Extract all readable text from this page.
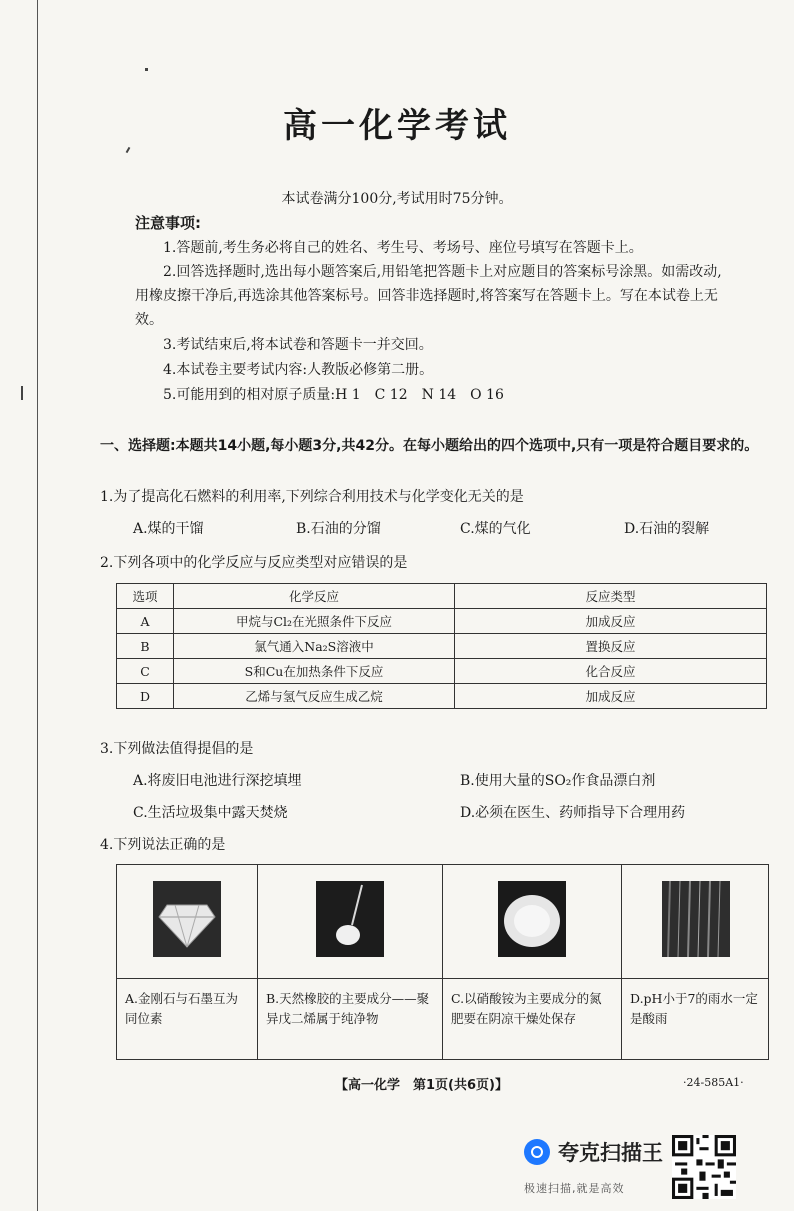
高一化学考试
本试卷满分100分,考试用时75分钟。
注意事项:
1.答题前,考生务必将自己的姓名、考生号、考场号、座位号填写在答题卡上。
2.回答选择题时,选出每小题答案后,用铅笔把答题卡上对应题目的答案标号涂黑。如需改动,用橡皮擦干净后,再选涂其他答案标号。回答非选择题时,将答案写在答题卡上。写在本试卷上无效。
3.考试结束后,将本试卷和答题卡一并交回。
4.本试卷主要考试内容:人教版必修第二册。
5.可能用到的相对原子质量:H 1　C 12　N 14　O 16
一、选择题:本题共14小题,每小题3分,共42分。在每小题给出的四个选项中,只有一项是符合题目要求的。
1.为了提高化石燃料的利用率,下列综合利用技术与化学变化无关的是
A.煤的干馏	B.石油的分馏	C.煤的气化	D.石油的裂解
2.下列各项中的化学反应与反应类型对应错误的是
选项	化学反应	反应类型
A	甲烷与Cl₂在光照条件下反应	加成反应
B	氯气通入Na₂S溶液中	置换反应
C	S和Cu在加热条件下反应	化合反应
D	乙烯与氢气反应生成乙烷	加成反应
3.下列做法值得提倡的是
A.将废旧电池进行深挖填埋	B.使用大量的SO₂作食品漂白剂
C.生活垃圾集中露天焚烧	D.必须在医生、药师指导下合理用药
4.下列说法正确的是
A.金刚石与石墨互为同位素
B.天然橡胶的主要成分——聚异戊二烯属于纯净物
C.以硝酸铵为主要成分的氮肥要在阴凉干燥处保存
D.pH小于7的雨水一定是酸雨
【高一化学　第1页(共6页)】	·24-585A1·
夸克扫描王
极速扫描,就是高效
